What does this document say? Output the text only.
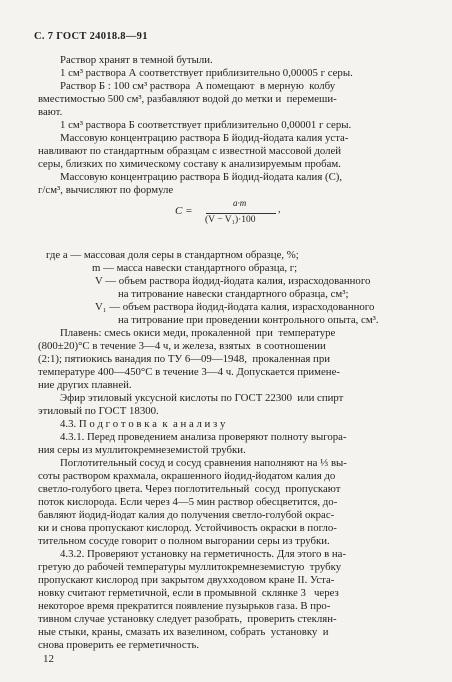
С. 7 ГОСТ 24018.8—91
Раствор хранят в темной бутыли.
1 см³ раствора А соответствует приблизительно 0,00005 г серы.
Раствор Б : 100 см³ раствора  А помещают  в мерную  колбу
вместимостью 500 см³, разбавляют водой до метки и  перемеши-
вают.
1 см³ раствора Б соответствует приблизительно 0,00001 г серы.
Массовую концентрацию раствора Б йодид-йодата калия уста-
навливают по стандартным образцам с известной массовой долей
серы, близких по химическому составу к анализируемым пробам.
Массовую концентрацию раствора Б йодид-йодата калия (C),
г/см³, вычисляют по формуле
где a — массовая доля серы в стандартном образце, %;
m — масса навески стандартного образца, г;
V — объем раствора йодид-йодата калия, израсходованного
на титрование навески стандартного образца, см³;
V₁ — объем раствора йодид-йодата калия, израсходованного
на титрование при проведении контрольного опыта, см³.
Плавень: смесь окиси меди, прокаленной  при  температуре
(800±20)°С в течение 3—4 ч, и железа, взятых  в соотношении
(2:1); пятиокись ванадия по ТУ 6—09—1948,  прокаленная при
температуре 400—450°С в течение 3—4 ч. Допускается примене-
ние других плавней.
Эфир этиловый уксусной кислоты по ГОСТ 22300  или спирт
этиловый по ГОСТ 18300.
4.3. П о д г о т о в к а  к  а н а л и з у
4.3.1. Перед проведением анализа проверяют полноту выгора-
ния серы из муллитокремнеземистой трубки.
Поглотительный сосуд и сосуд сравнения наполняют на ⅓ вы-
соты раствором крахмала, окрашенного йодид-йодатом калия до
светло-голубого цвета. Через поглотительный  сосуд  пропускают
поток кислорода. Если через 4—5 мин раствор обесцветится, до-
бавляют йодид-йодат калия до получения светло-голубой окрас-
ки и снова пропускают кислород. Устойчивость окраски в погло-
тительном сосуде говорит о полном выгорании серы из трубки.
4.3.2. Проверяют установку на герметичность. Для этого в на-
гретую до рабочей температуры муллитокремнеземистую  трубку
пропускают кислород при закрытом двухходовом кране II. Уста-
новку считают герметичной, если в промывной  склянке 3   через
некоторое время прекратится появление пузырьков газа. В про-
тивном случае установку следует разобрать,  проверить стеклян-
ные стыки, краны, смазать их вазелином, собрать  установку  и
снова проверить ее герметичность.
C =
a·m
(V − V₁)·100
,
12
